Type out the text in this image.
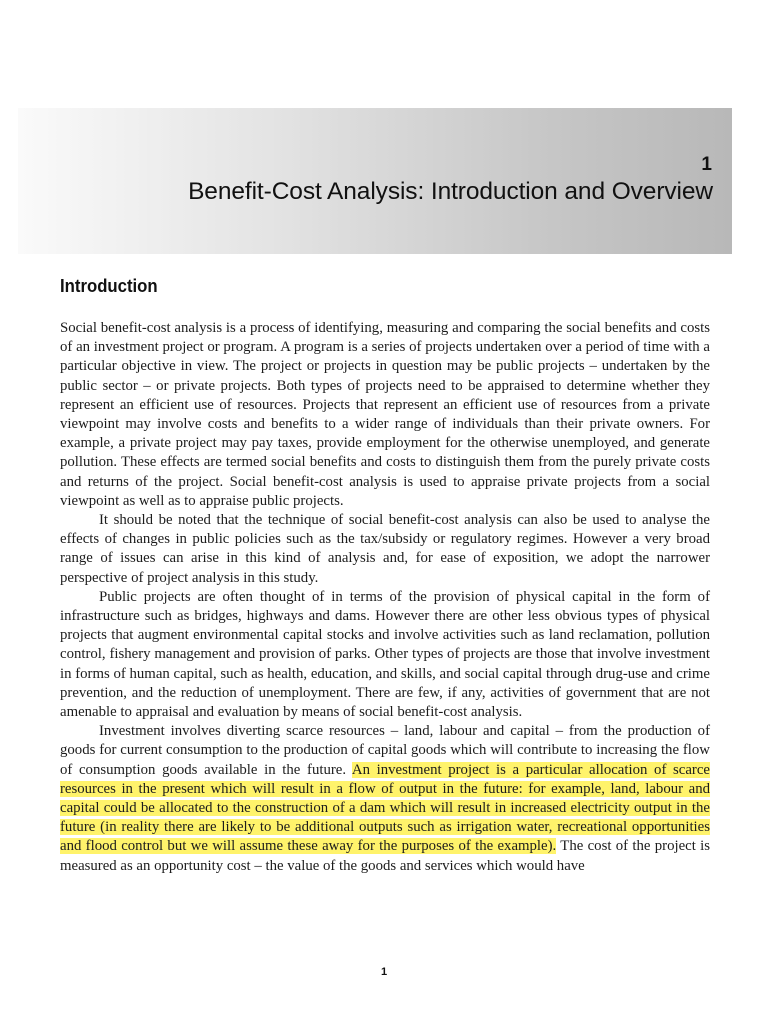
1
Benefit-Cost Analysis: Introduction and Overview
Introduction

Social benefit-cost analysis is a process of identifying, measuring and comparing the social benefits and costs of an investment project or program. A program is a series of projects undertaken over a period of time with a particular objective in view. The project or projects in question may be public projects – undertaken by the public sector – or private projects. Both types of projects need to be appraised to determine whether they represent an efficient use of resources. Projects that represent an efficient use of resources from a private viewpoint may involve costs and benefits to a wider range of individuals than their private owners. For example, a private project may pay taxes, provide employment for the otherwise unemployed, and generate pollution. These effects are termed social benefits and costs to distinguish them from the purely private costs and returns of the project. Social benefit-cost analysis is used to appraise private projects from a social viewpoint as well as to appraise public projects.

It should be noted that the technique of social benefit-cost analysis can also be used to analyse the effects of changes in public policies such as the tax/subsidy or regulatory regimes. However a very broad range of issues can arise in this kind of analysis and, for ease of exposition, we adopt the narrower perspective of project analysis in this study.

Public projects are often thought of in terms of the provision of physical capital in the form of infrastructure such as bridges, highways and dams. However there are other less obvious types of physical projects that augment environmental capital stocks and involve activities such as land reclamation, pollution control, fishery management and provision of parks. Other types of projects are those that involve investment in forms of human capital, such as health, education, and skills, and social capital through drug-use and crime prevention, and the reduction of unemployment. There are few, if any, activities of government that are not amenable to appraisal and evaluation by means of social benefit-cost analysis.

Investment involves diverting scarce resources – land, labour and capital – from the production of goods for current consumption to the production of capital goods which will contribute to increasing the flow of consumption goods available in the future. An investment project is a particular allocation of scarce resources in the present which will result in a flow of output in the future: for example, land, labour and capital could be allocated to the construction of a dam which will result in increased electricity output in the future (in reality there are likely to be additional outputs such as irrigation water, recreational opportunities and flood control but we will assume these away for the purposes of the example). The cost of the project is measured as an opportunity cost – the value of the goods and services which would have

1
